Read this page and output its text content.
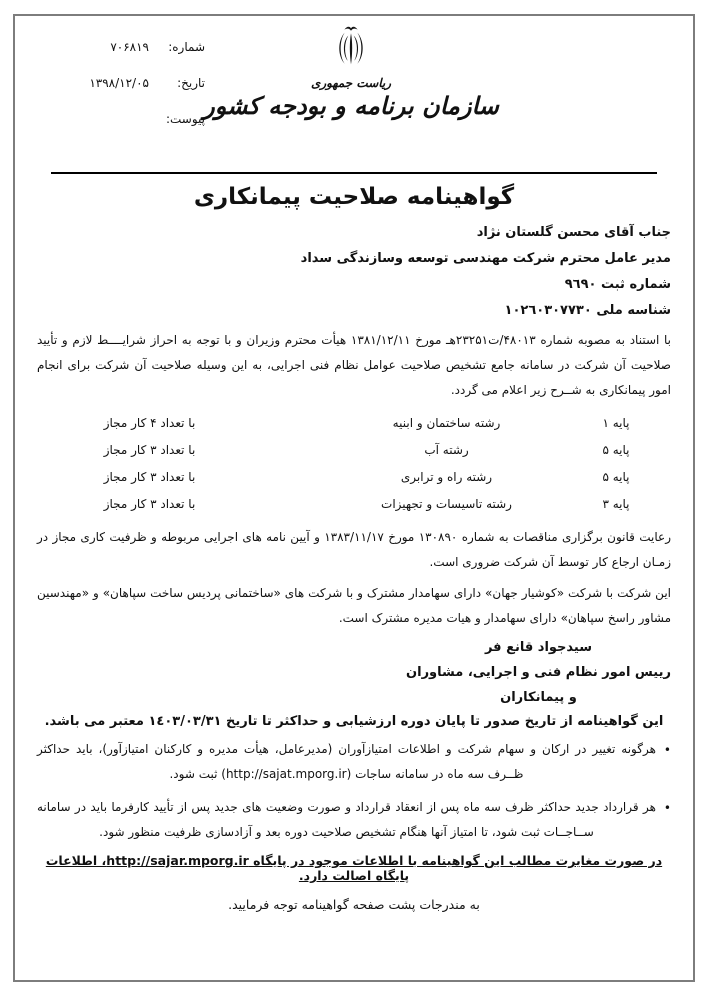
ریاست جمهوری
سازمان برنامه و بودجه کشور
شماره:
۷۰۶۸۱۹
تاریخ:
۱۳۹۸/۱۲/۰۵
پیوست:
گواهینامه صلاحیت پیمانکاری
جناب آقای محسن گلستان نژاد
مدیر عامل محترم شرکت مهندسی توسعه وسازندگی سداد
شماره ثبت ۹٦۹۰
شناسه ملی ۱۰۲٦۰۳۰۷۷۳۰

با استناد به مصوبه شماره ۴۸۰۱۳/ت۲۳۲۵۱هـ مورخ ۱۳۸۱/۱۲/۱۱ هیأت محترم وزیران و با توجه به احراز شرایــــط لازم و تأیید صلاحیت آن شرکت در سامانه جامع تشخیص صلاحیت عوامل نظام فنی اجرایی، به این وسیله صلاحیت آن شرکت برای انجام امور پیمانکاری به شــرح زیر اعلام می گردد.

پایه ۱
رشته ساختمان و ابنیه
با تعداد ۴ کار مجاز
پایه ۵
رشته آب
با تعداد ۳ کار مجاز
پایه ۵
رشته راه و ترابری
با تعداد ۳ کار مجاز
پایه ۳
رشته تاسیسات و تجهیزات
با تعداد ۳ کار مجاز

رعایت قانون برگزاری مناقصات به شماره ۱۳۰۸۹۰ مورخ ۱۳۸۳/۱۱/۱۷ و آیین نامه های اجرایی مربوطه و ظرفیت کاری مجاز در زمـان ارجاع کار توسط آن شرکت ضروری است.

این شرکت با شرکت «کوشیار جهان» دارای سهامدار مشترک و با شرکت های «ساختمانی پردیس ساخت سپاهان» و «مهندسین مشاور راسخ سپاهان» دارای سهامدار و هیات مدیره مشترک است.

سیدجواد قانع فر
رییس امور نظام فنی و اجرایی، مشاوران و پیمانکاران
این گواهینامه از تاریخ صدور تا پایان دوره ارزشیابی و حداکثر تا تاریخ ۱٤۰۳/۰۳/۳۱ معتبر می باشد.
•
هرگونه تغییر در ارکان و سهام شرکت و اطلاعات امتیازآوران (مدیرعامل، هیأت مدیره و کارکنان امتیازآور)، باید حداکثر ظــرف سه ماه در سامانه ساجات (http://sajat.mporg.ir) ثبت شود.
•
هر قرارداد جدید حداکثر ظرف سه ماه پس از انعقاد قرارداد و صورت وضعیت های جدید پس از تأیید کارفرما باید در سامانه ســاجــات ثبت شود، تا امتیاز آنها هنگام تشخیص صلاحیت دوره بعد و آزادسازی ظرفیت منظور شود.
در صورت مغایرت مطالب این گواهینامه با اطلاعات موجود در پایگاه http://sajar.mporg.ir، اطلاعات پایگاه اصالت دارد.
به مندرجات پشت صفحه گواهینامه توجه فرمایید.
